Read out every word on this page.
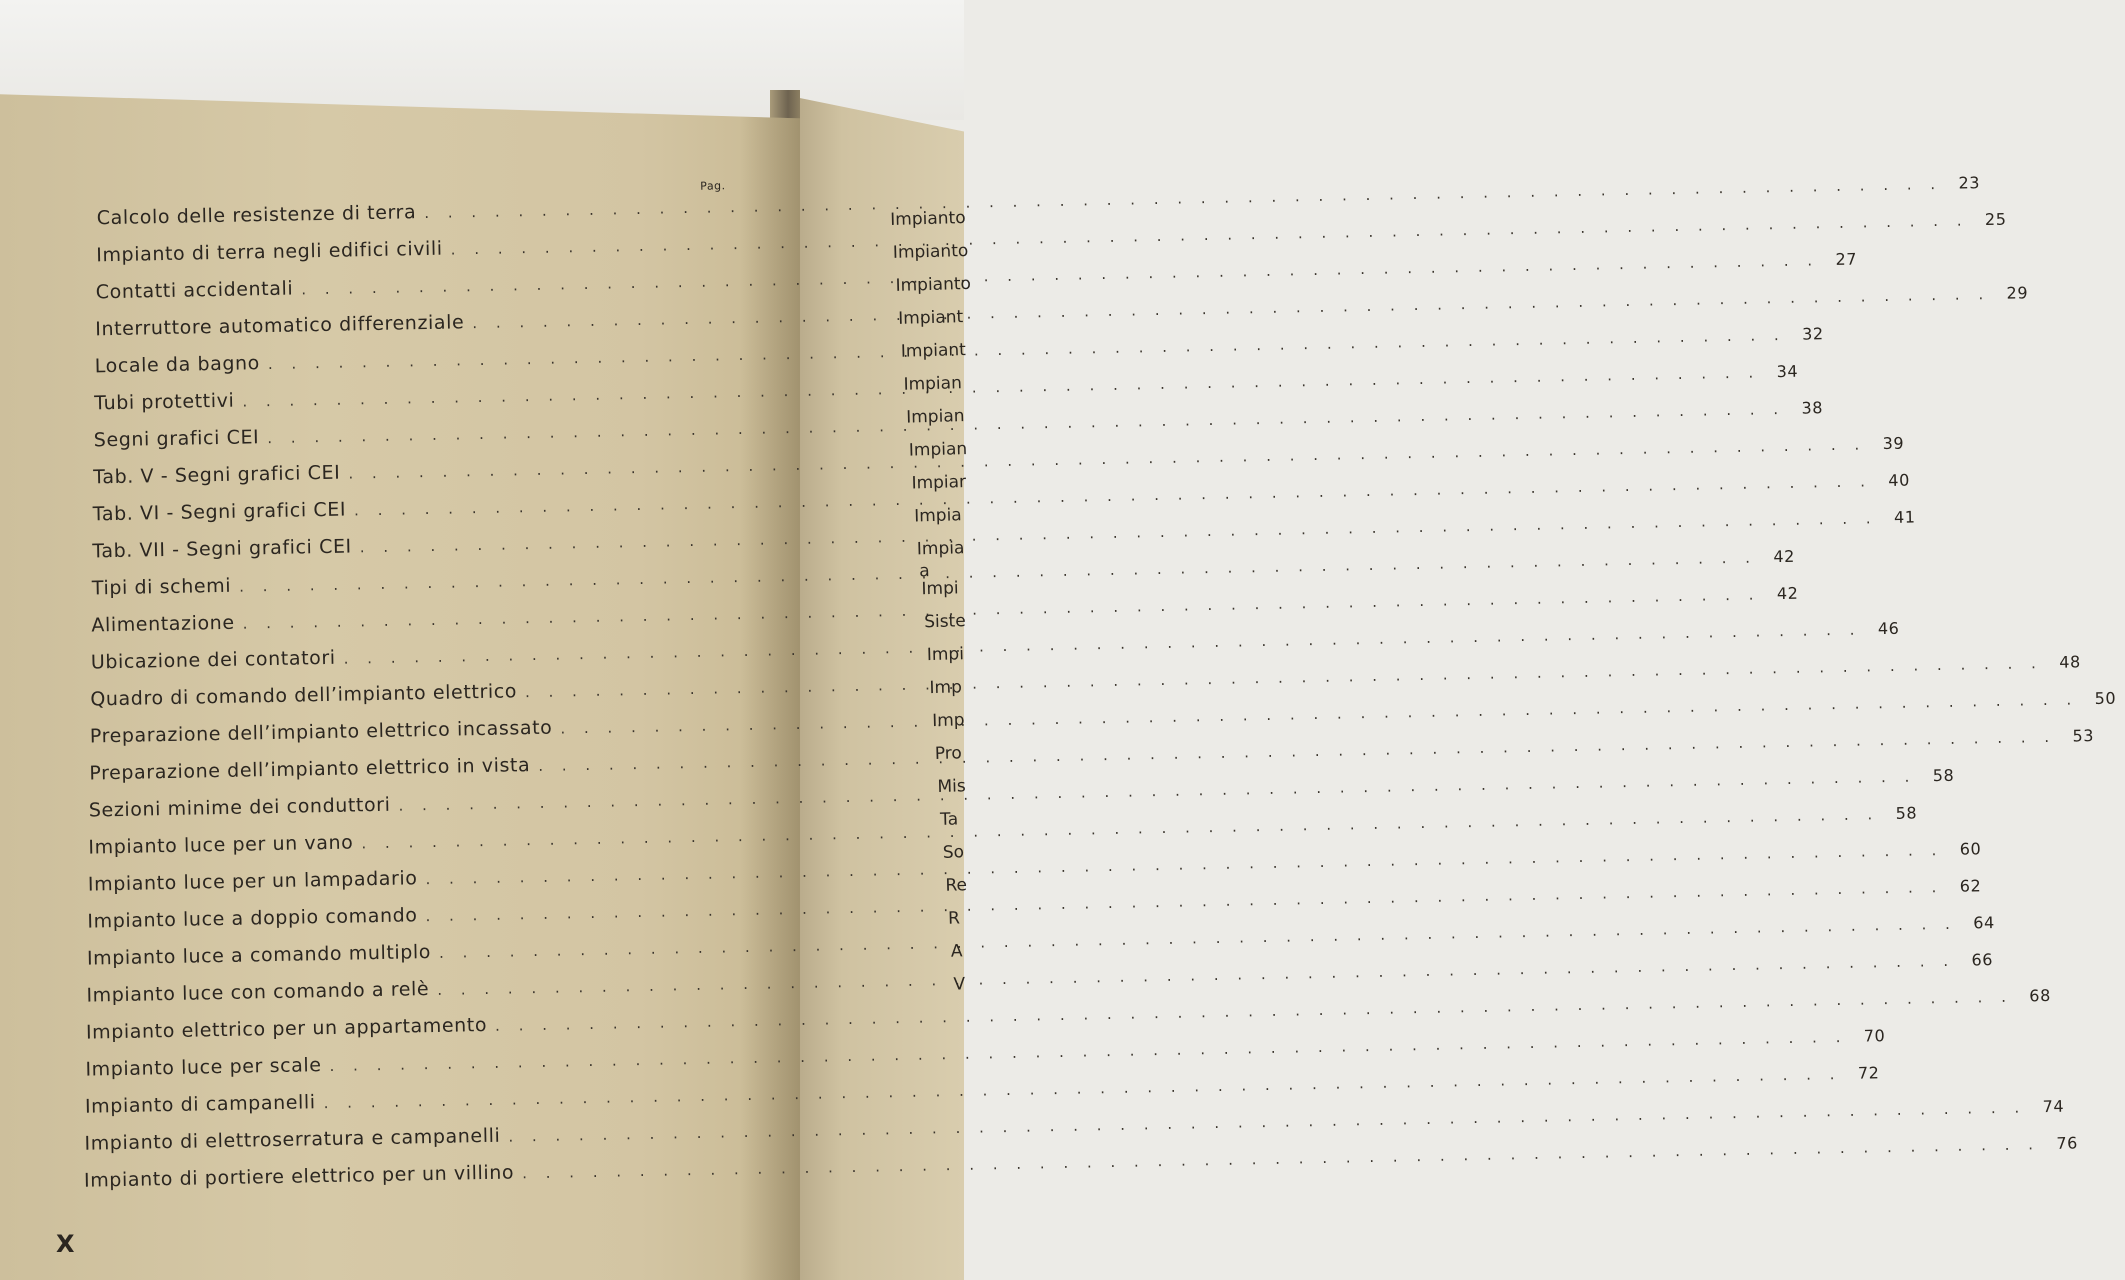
Pag.
Calcolo delle resistenze di terra
. . .
23
Impianto di terra negli edifici civili
. . .
25
Contatti accidentali
. . .
27
Interruttore automatico differenziale
. . .
29
Locale da bagno
. . .
32
Tubi protettivi
. . .
34
Segni grafici CEI
. . .
38
Tab. V - Segni grafici CEI
. . .
39
Tab. VI - Segni grafici CEI
. . .
40
Tab. VII - Segni grafici CEI
. . .
41
Tipi di schemi
. . .
42
Alimentazione
. . .
42
Ubicazione dei contatori
. . .
46
Quadro di comando dell’impianto elettrico
. . .
48
Preparazione dell’impianto elettrico incassato
. . .
50
Preparazione dell’impianto elettrico in vista
. . .
53
Sezioni minime dei conduttori
. . .
58
Impianto luce per un vano
. . .
58
Impianto luce per un lampadario
. . .
60
Impianto luce a doppio comando
. . .
62
Impianto luce a comando multiplo
. . .
64
Impianto luce con comando a relè
. . .
66
Impianto elettrico per un appartamento
. . .
68
Impianto luce per scale
. . .
70
Impianto di campanelli
. . .
72
Impianto di elettroserratura e campanelli
. . .
74
Impianto di portiere elettrico per un villino
. . .
76
Impianto
Impianto
Impianto
Impiant
Impiant
Impian
Impian
Impian
Impiar
Impia
Impia
a
Impi
Siste
Impi
Imp
Imp
Pro
Mis
Ta
So
Re
R
A
V
X
